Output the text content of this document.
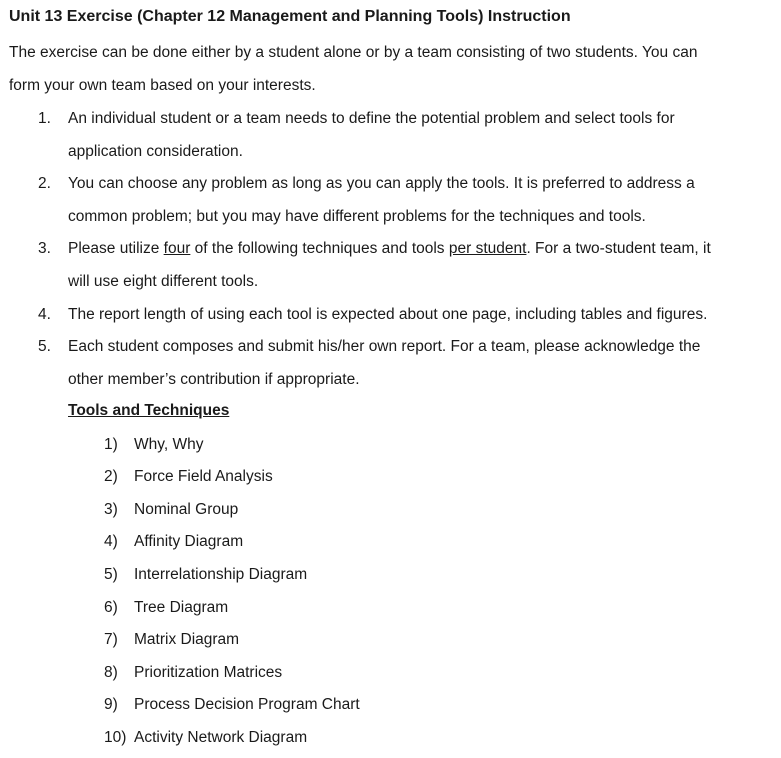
Unit 13 Exercise (Chapter 12 Management and Planning Tools) Instruction
The exercise can be done either by a student alone or by a team consisting of two students. You can
form your own team based on your interests.
1. An individual student or a team needs to define the potential problem and select tools for
application consideration.
2. You can choose any problem as long as you can apply the tools. It is preferred to address a
common problem; but you may have different problems for the techniques and tools.
3. Please utilize four of the following techniques and tools per student. For a two-student team, it
will use eight different tools.
4. The report length of using each tool is expected about one page, including tables and figures.
5. Each student composes and submit his/her own report. For a team, please acknowledge the
other member’s contribution if appropriate.
Tools and Techniques
1) Why, Why
2) Force Field Analysis
3) Nominal Group
4) Affinity Diagram
5) Interrelationship Diagram
6) Tree Diagram
7) Matrix Diagram
8) Prioritization Matrices
9) Process Decision Program Chart
10) Activity Network Diagram
